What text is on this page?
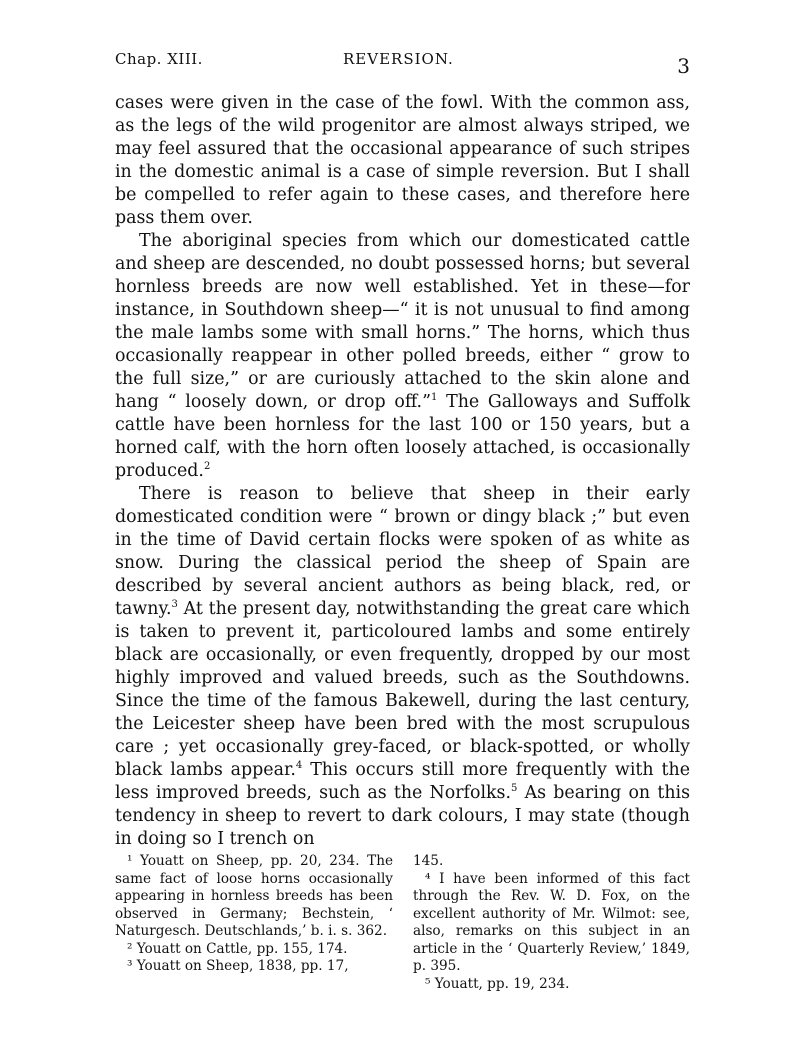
Chap. XIII.	REVERSION.	3

cases were given in the case of the fowl. With the common ass, as the legs of the wild progenitor are almost always striped, we may feel assured that the occasional appearance of such stripes in the domestic animal is a case of simple reversion. But I shall be compelled to refer again to these cases, and therefore here pass them over.

The aboriginal species from which our domesticated cattle and sheep are descended, no doubt possessed horns; but several hornless breeds are now well established. Yet in these—for instance, in Southdown sheep—“ it is not unusual to find among the male lambs some with small horns.” The horns, which thus occasionally reappear in other polled breeds, either “ grow to the full size,” or are curiously attached to the skin alone and hang “ loosely down, or drop off.”$^1$ The Galloways and Suffolk cattle have been hornless for the last 100 or 150 years, but a horned calf, with the horn often loosely attached, is occasionally produced.$^2$

There is reason to believe that sheep in their early domesticated condition were “ brown or dingy black ;” but even in the time of David certain flocks were spoken of as white as snow. During the classical period the sheep of Spain are described by several ancient authors as being black, red, or tawny.$^3$ At the present day, notwithstanding the great care which is taken to prevent it, particoloured lambs and some entirely black are occasionally, or even frequently, dropped by our most highly improved and valued breeds, such as the Southdowns. Since the time of the famous Bakewell, during the last century, the Leicester sheep have been bred with the most scrupulous care ; yet occasionally grey-faced, or black-spotted, or wholly black lambs appear.$^4$ This occurs still more frequently with the less improved breeds, such as the Norfolks.$^5$ As bearing on this tendency in sheep to revert to dark colours, I may state (though in doing so I trench on

¹ Youatt on Sheep, pp. 20, 234. The same fact of loose horns occasionally appearing in hornless breeds has been observed in Germany; Bechstein, ‘ Naturgesch. Deutschlands,’ b. i. s. 362.

² Youatt on Cattle, pp. 155, 174.

³ Youatt on Sheep, 1838, pp. 17,

145.

⁴ I have been informed of this fact through the Rev. W. D. Fox, on the excellent authority of Mr. Wilmot: see, also, remarks on this subject in an article in the ‘ Quarterly Review,’ 1849, p. 395.

⁵ Youatt, pp. 19, 234.
